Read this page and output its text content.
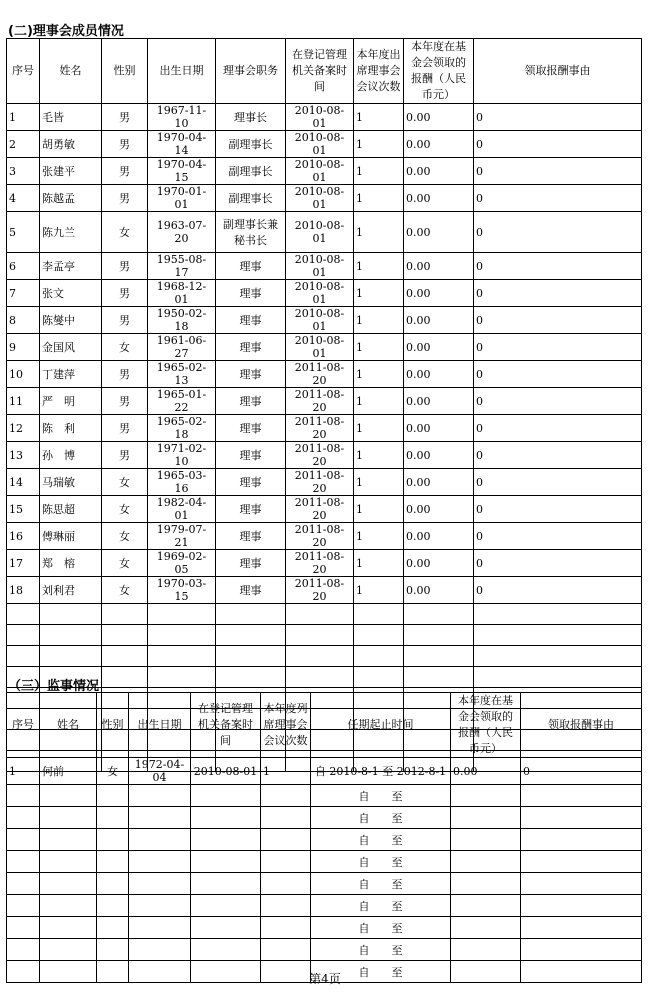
(二)理事会成员情况
序号	姓名	性别	出生日期	理事会职务	在登记管理机关备案时间	本年度出席理事会会议次数	本年度在基金会领取的报酬（人民币元）	领取报酬事由
1	毛皆	男	1967-11-10	理事长	2010-08-01	1	0.00	0
2	胡勇敏	男	1970-04-14	副理事长	2010-08-01	1	0.00	0
3	张建平	男	1970-04-15	副理事长	2010-08-01	1	0.00	0
4	陈越孟	男	1970-01-01	副理事长	2010-08-01	1	0.00	0
5	陈九兰	女	1963-07-20	副理事长兼秘书长	2010-08-01	1	0.00	0
6	李孟亭	男	1955-08-17	理事	2010-08-01	1	0.00	0
7	张文	男	1968-12-01	理事	2010-08-01	1	0.00	0
8	陈燮中	男	1950-02-18	理事	2010-08-01	1	0.00	0
9	金国风	女	1961-06-27	理事	2010-08-01	1	0.00	0
10	丁建萍	男	1965-02-13	理事	2011-08-20	1	0.00	0
11	严　明	男	1965-01-22	理事	2011-08-20	1	0.00	0
12	陈　利	男	1965-02-18	理事	2011-08-20	1	0.00	0
13	孙　博	男	1971-02-10	理事	2011-08-20	1	0.00	0
14	马瑞敏	女	1965-03-16	理事	2011-08-20	1	0.00	0
15	陈思超	女	1982-04-01	理事	2011-08-20	1	0.00	0
16	傅琳丽	女	1979-07-21	理事	2011-08-20	1	0.00	0
17	郑　榕	女	1969-02-05	理事	2011-08-20	1	0.00	0
18	刘利君	女	1970-03-15	理事	2011-08-20	1	0.00	0

（三）监事情况
序号	姓名	性别	出生日期	在登记管理机关备案时间	本年度列席理事会会议次数	任期起止时间	本年度在基金会领取的报酬（人民币元）	领取报酬事由
1	何前	女	1972-04-04	2010-08-01	1	自 2010-8-1 至 2012-8-1	0.00	0
						自　　至		
						自　　至		
						自　　至		
						自　　至		
						自　　至		
						自　　至		
						自　　至		
						自　　至		
						自　　至		
第4页
